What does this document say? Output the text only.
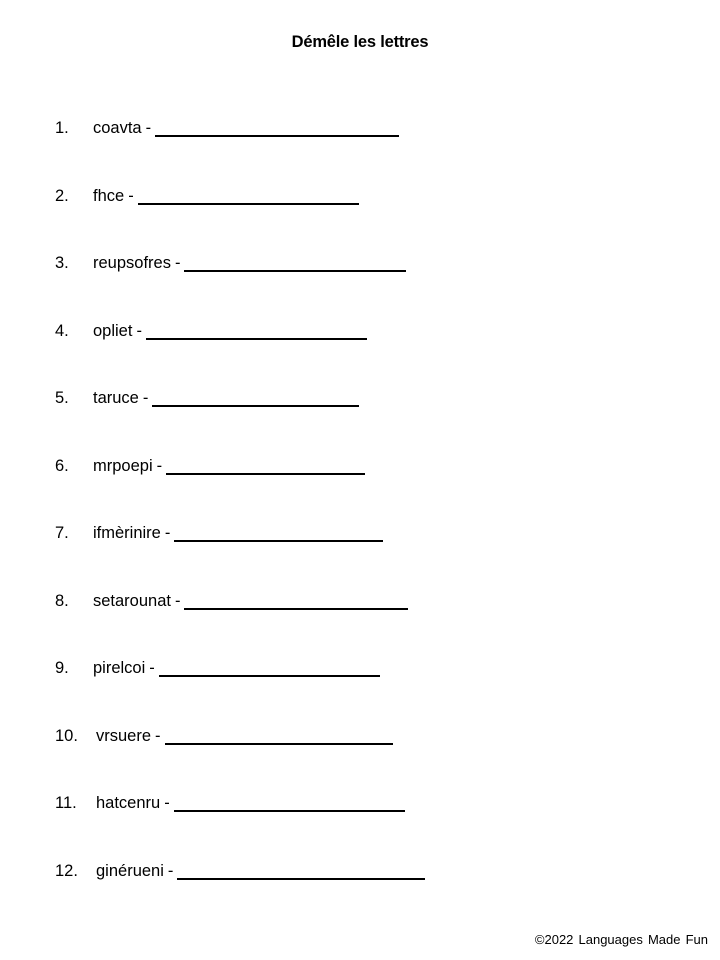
Démêle les lettres
1.	coavta -
2.	fhce -
3.	reupsofres -
4.	opliet -
5.	taruce -
6.	mrpoepi -
7.	ifmèrinire -
8.	setarounat -
9.	pirelcoi -
10.	vrsuere -
11.	hatcenru -
12.	ginérueni -
©2022 Languages Made Fun
